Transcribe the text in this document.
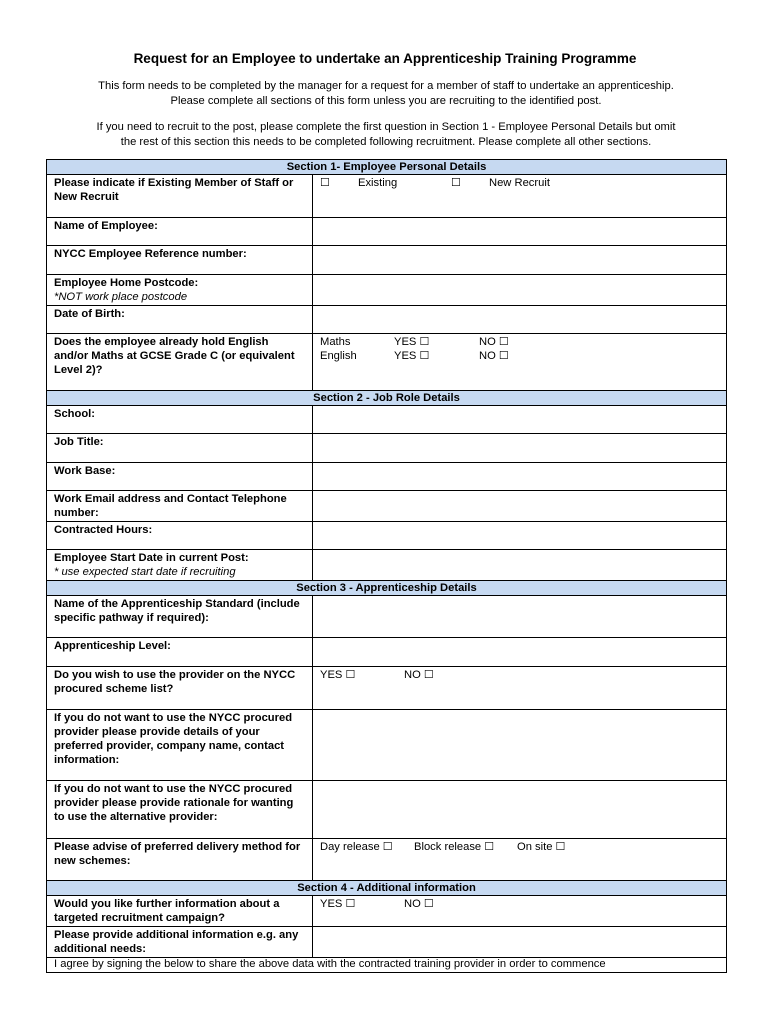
Request for an Employee to undertake an Apprenticeship Training Programme
This form needs to be completed by the manager for a request for a member of staff to undertake an apprenticeship.
Please complete all sections of this form unless you are recruiting to the identified post.
If you need to recruit to the post, please complete the first question in Section 1 - Employee Personal Details but omit
the rest of this section this needs to be completed following recruitment. Please complete all other sections.
Section 1- Employee Personal Details	
Please indicate if Existing Member of Staff or New Recruit	☐ Existing ☐ New Recruit
Name of Employee:	
NYCC Employee Reference number:	
Employee Home Postcode:
*NOT work place postcode	

Date of Birth:	
Does the employee already hold English and/or Maths at GCSE Grade C (or equivalent Level 2)?	Maths YES ☐ NO ☐
English YES ☐ NO ☐

Section 2 - Job Role Details	
School:	
Job Title:	
Work Base:	
Work Email address and Contact Telephone number:	
Contracted Hours:	
Employee Start Date in current Post:
* use expected start date if recruiting	

Section 3 - Apprenticeship Details	
Name of the Apprenticeship Standard (include specific pathway if required):	
Apprenticeship Level:	
Do you wish to use the provider on the NYCC procured scheme list?	YES ☐ NO ☐
If you do not want to use the NYCC procured provider please provide details of your preferred provider, company name, contact information:	
If you do not want to use the NYCC procured provider please provide rationale for wanting to use the alternative provider:	
Please advise of preferred delivery method for new schemes:	Day release ☐ Block release ☐ On site ☐
Section 4 - Additional information	
Would you like further information about a targeted recruitment campaign?	YES ☐ NO ☐
Please provide additional information e.g. any additional needs:	
I agree by signing the below to share the above data with the contracted training provider in order to commence	
